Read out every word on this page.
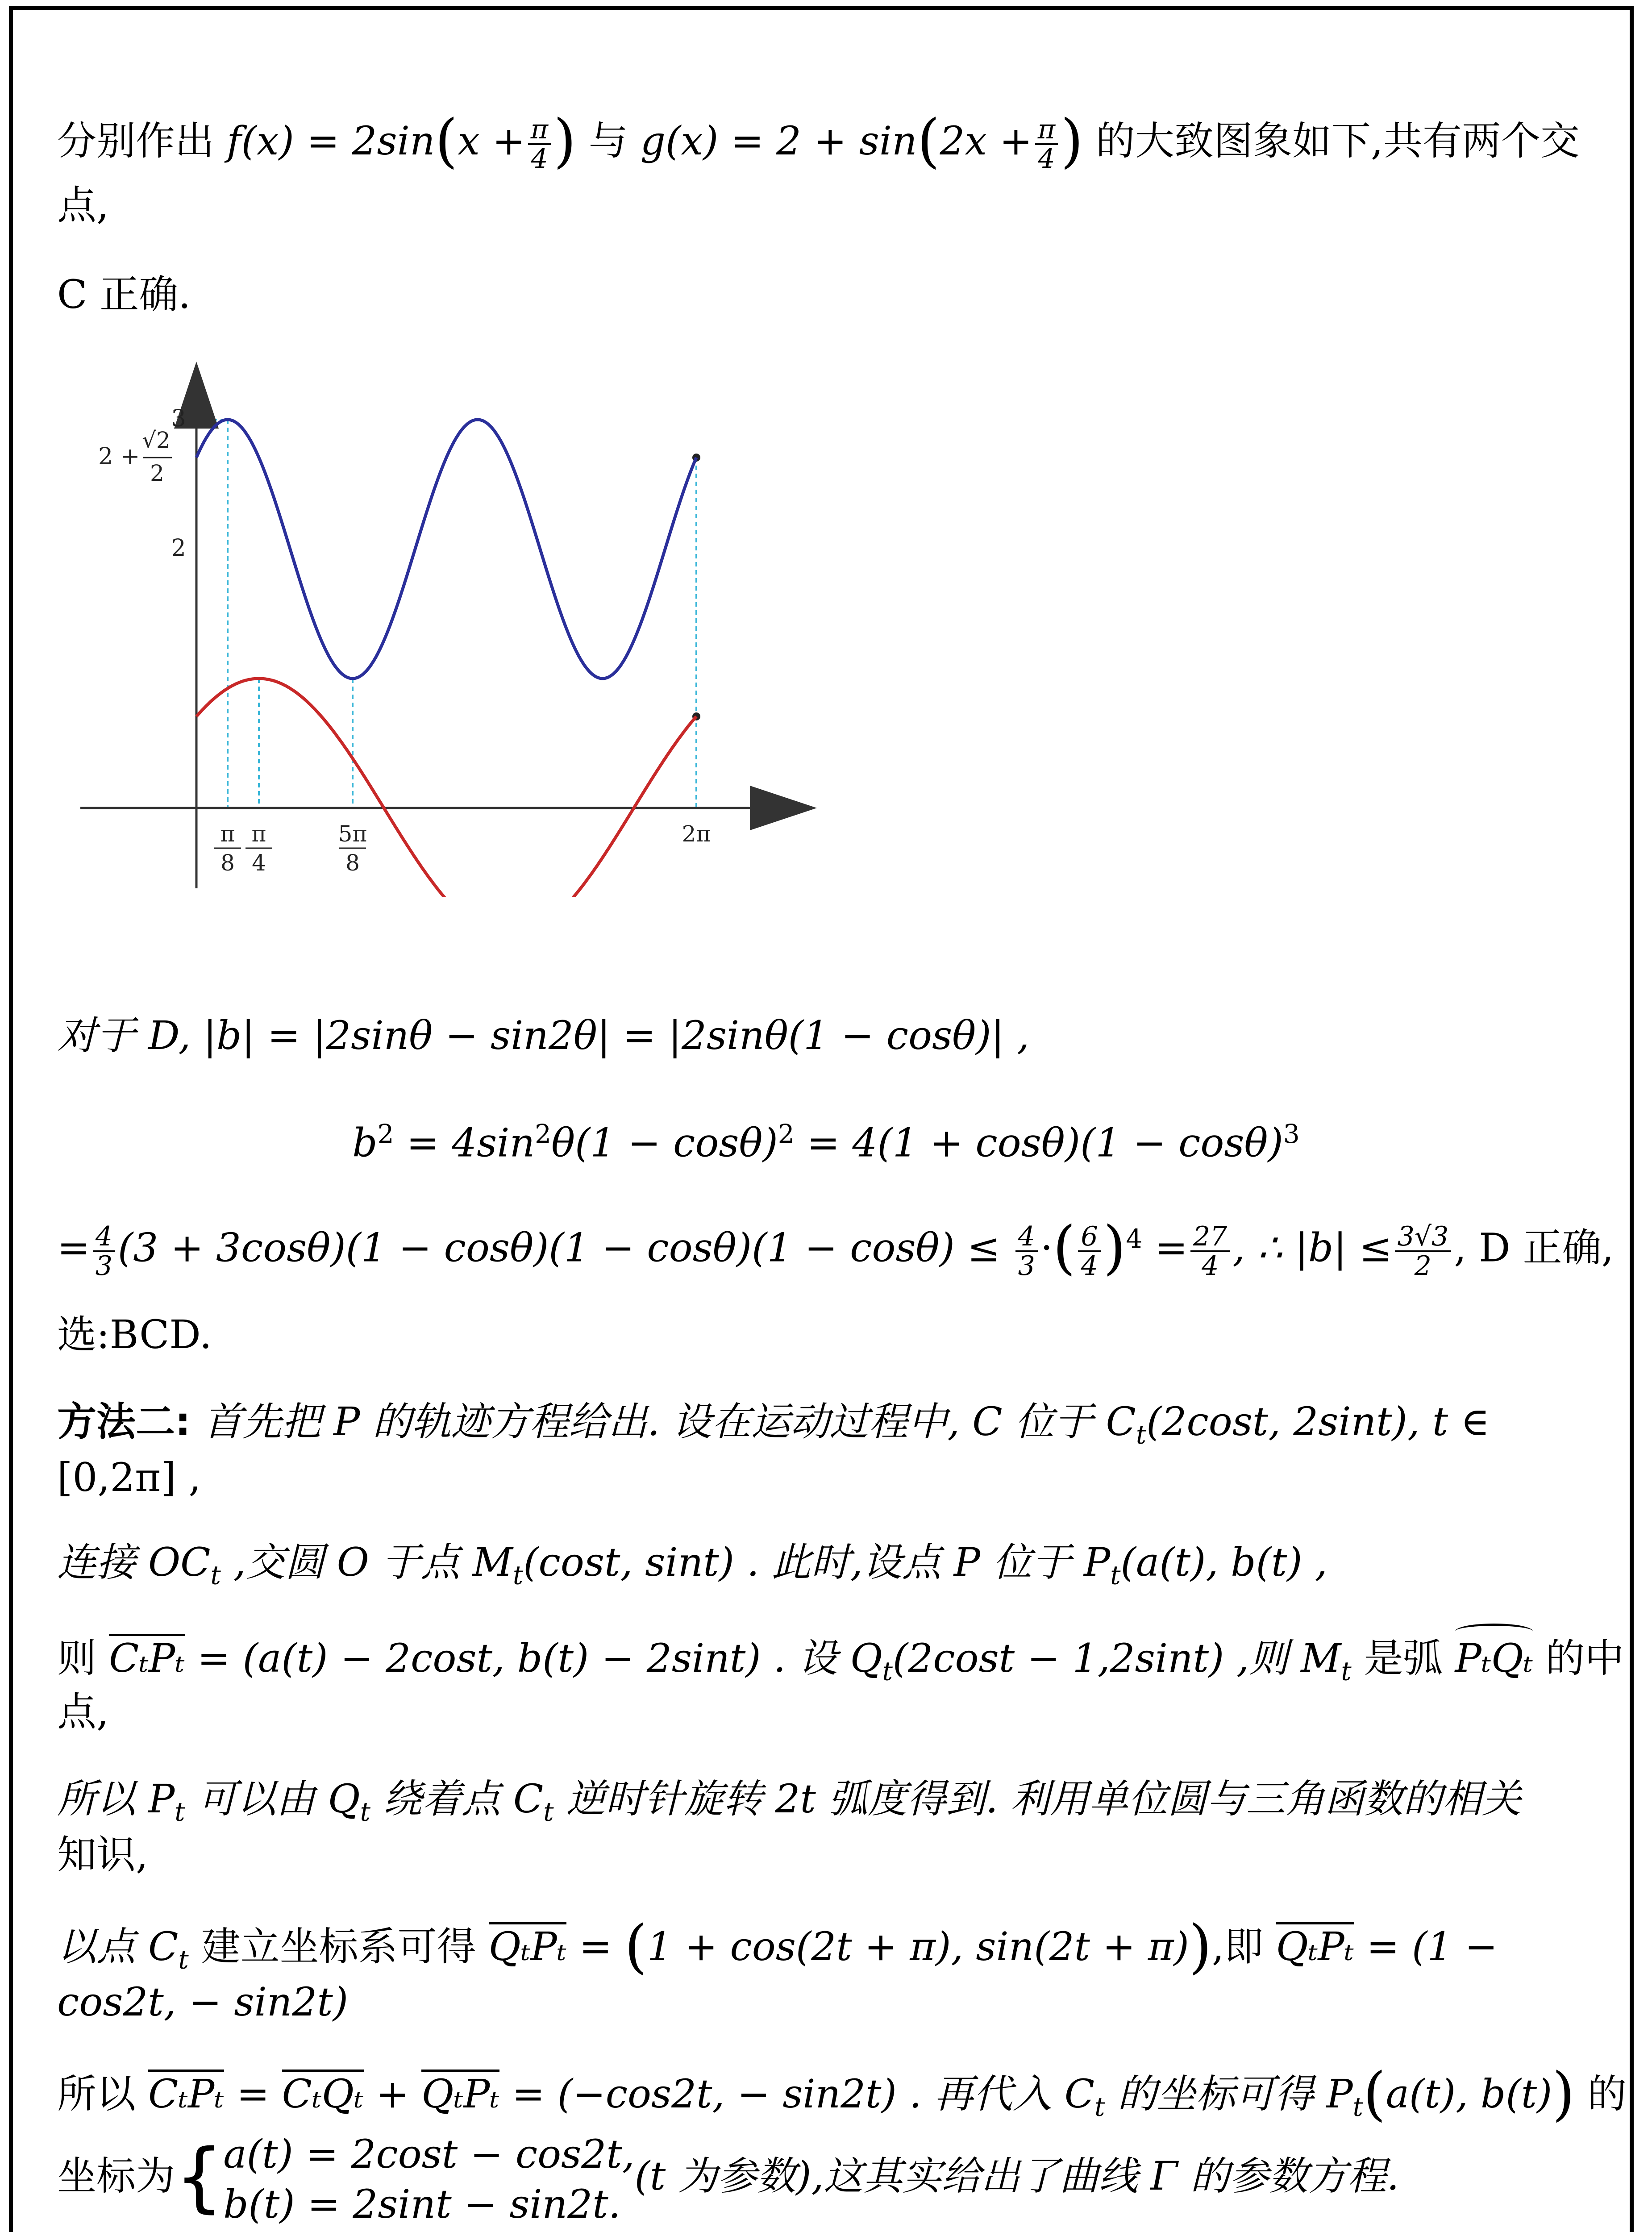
分别作出 $f(x) = 2\sin(x + \frac{\pi}{4}$ ) 与 $g(x) = 2 + \sin(2x + \frac{\pi}{4}$ ) 的大致图象如下,共有两个交
点,
C 正确.
3
2
2 +
√2
2
π
8
π
4
5π
8
2π
对于 D, |b| = |2sinθ − sin2θ| = |2sinθ(1 − cosθ)| ,
$b^2 = 4\sin^2\theta(1 - \cos\theta)^2 = 4(1 + \cos\theta)(1 - \cos\theta)^3$
= $\frac{4}{3} (3 + 3\cos\theta)(1 - \cos\theta)(1 - \cos\theta)(1 - \cos\theta) \le \frac{4}{3}$ ·( $\frac{6}{4} )^4 = \frac{27}{4}$ , ∴ $|b| \le \frac{3√3}{2}$ , D 正确,
选:BCD.
方法二: 首先把 P 的轨迹方程给出. 设在运动过程中, C 位于 $C_t(2\cos t$, 2sint), t ∈
[0,2π] ,
连接 $OC_t$ ,交圆 O 于点 $M_t(\cos t$, sint) . 此时,设点 P 位于 $P_t(a(t)$, b(t) ,
则 CₜPₜ = (a(t) − 2cost, b(t) − 2sint) . 设 $Q_t(2\cos t - 1,2\sin t)$ ,则 $M_t$ 是弧 PₜQₜ 的中
点,
所以 $P_t$ 可以由 $Q_t$ 绕着点 $C_t$ 逆时针旋转 2t 弧度得到. 利用单位圆与三角函数的相关
知识,
以点 $C_t$ 建立坐标系可得 QₜPₜ = (1 + cos(2t + π), sin(2t + π)),即 QₜPₜ = (1 −
cos2t, − sin2t)
所以 CₜPₜ = CₜQₜ + QₜPₜ = (−cos2t, − sin2t) . 再代入 $C_t$ 的坐标可得 $P_t(a(t)$, b(t)) 的
坐标为{ a(t) = 2cost − cos2t,
b(t) = 2sint − sin2t.
(t 为参数),这其实给出了曲线 Γ 的参数方程.
